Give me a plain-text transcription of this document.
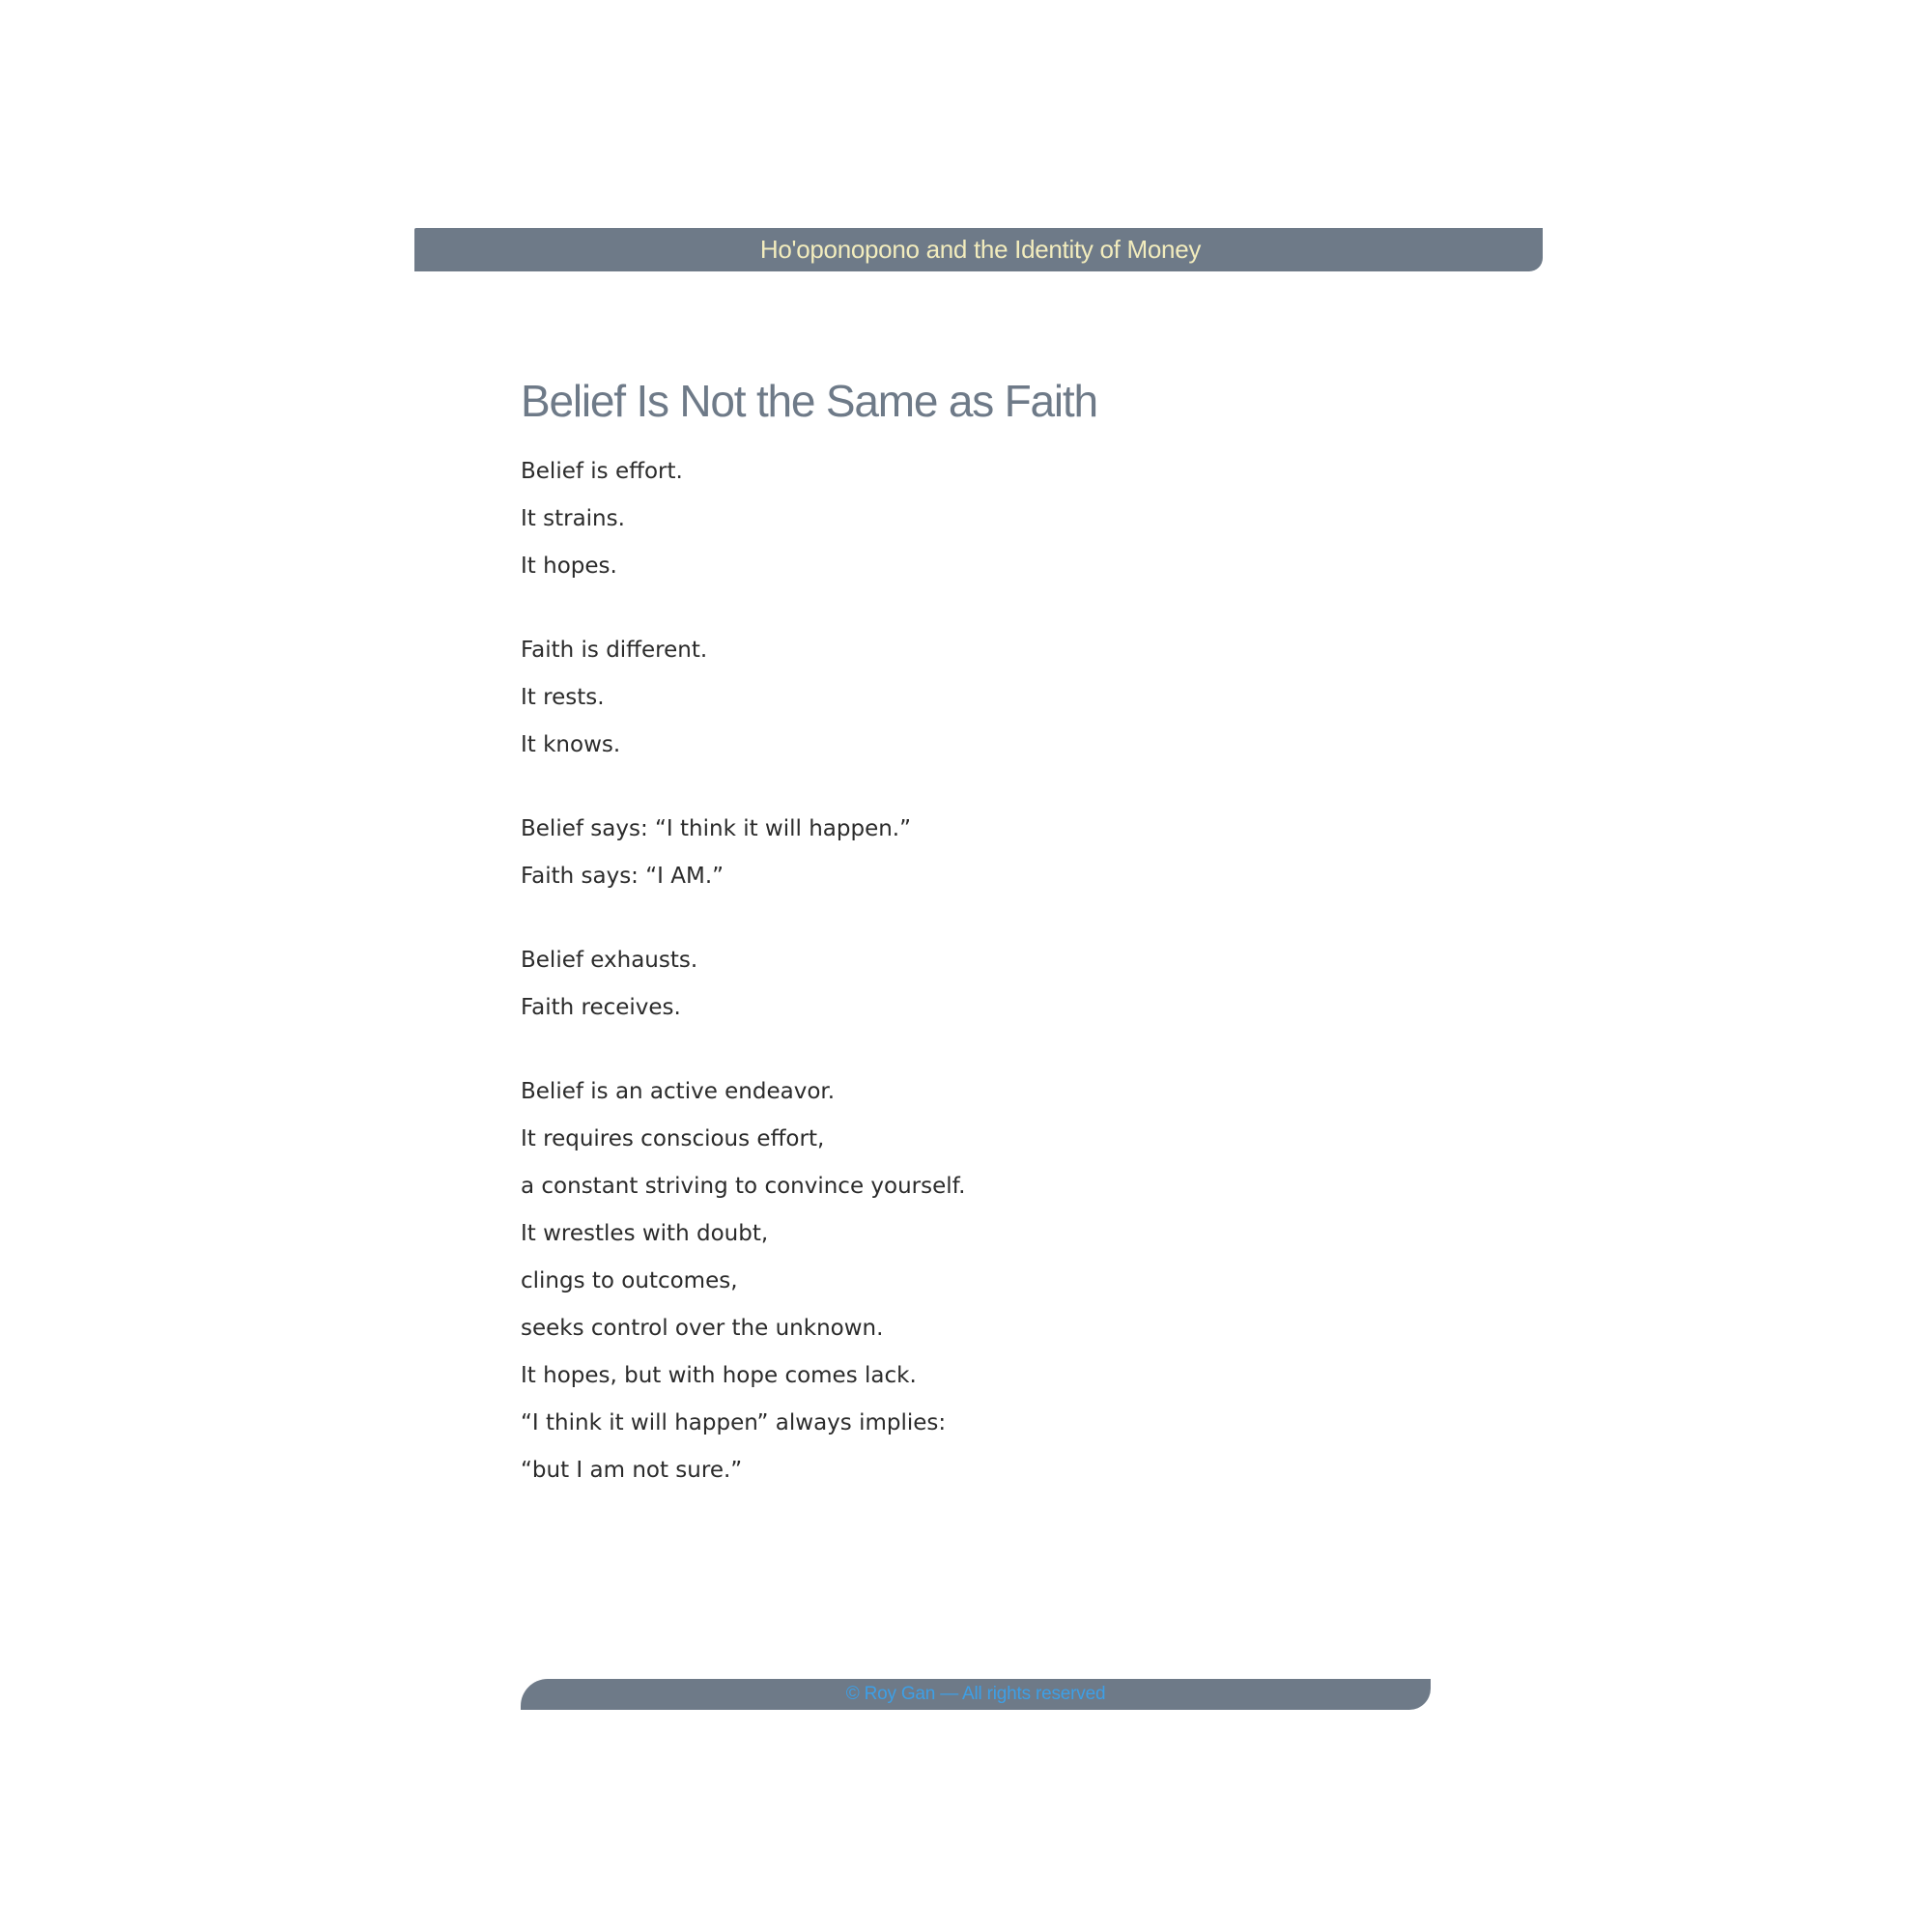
Ho'oponopono and the Identity of Money
Belief Is Not the Same as Faith
Belief is effort.
It strains.
It hopes.
Faith is different.
It rests.
It knows.
Belief says: “I think it will happen.”
Faith says: “I AM.”
Belief exhausts.
Faith receives.
Belief is an active endeavor.
It requires conscious effort,
a constant striving to convince yourself.
It wrestles with doubt,
clings to outcomes,
seeks control over the unknown.
It hopes, but with hope comes lack.
“I think it will happen” always implies:
“but I am not sure.”
© Roy Gan — All rights reserved
